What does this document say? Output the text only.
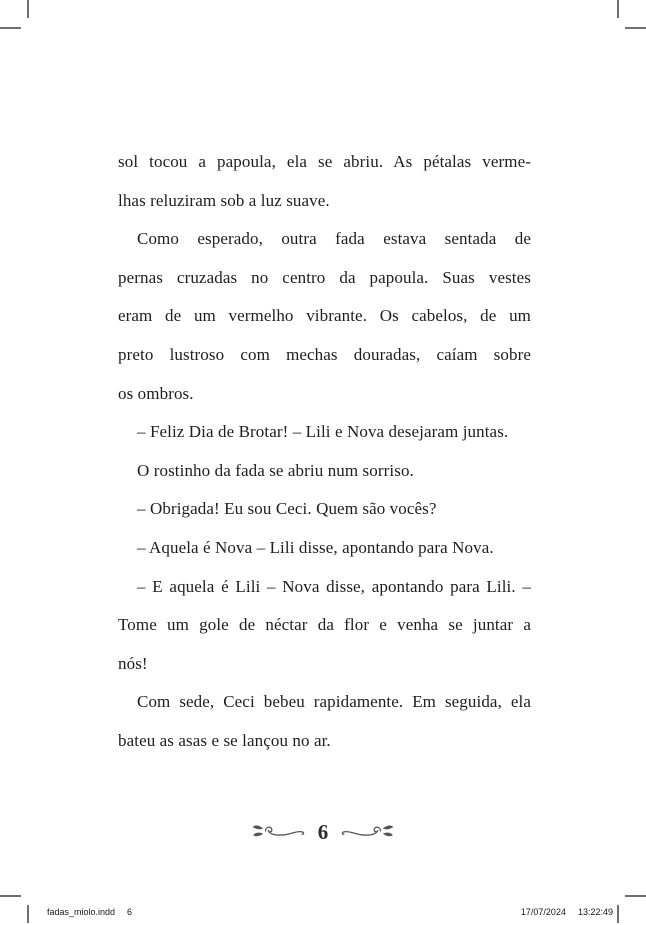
sol tocou a papoula, ela se abriu. As pétalas verme-
lhas reluziram sob a luz suave.
Como esperado, outra fada estava sentada de
pernas cruzadas no centro da papoula. Suas vestes
eram de um vermelho vibrante. Os cabelos, de um
preto lustroso com mechas douradas, caíam sobre
os ombros.
– Feliz Dia de Brotar! – Lili e Nova desejaram juntas.
O rostinho da fada se abriu num sorriso.
– Obrigada! Eu sou Ceci. Quem são vocês?
– Aquela é Nova – Lili disse, apontando para Nova.
– E aquela é Lili – Nova disse, apontando para Lili. –
Tome um gole de néctar da flor e venha se juntar a
nós!
Com sede, Ceci bebeu rapidamente. Em seguida, ela
bateu as asas e se lançou no ar.
6
fadas_miolo.indd 6	17/07/2024 13:22:49
